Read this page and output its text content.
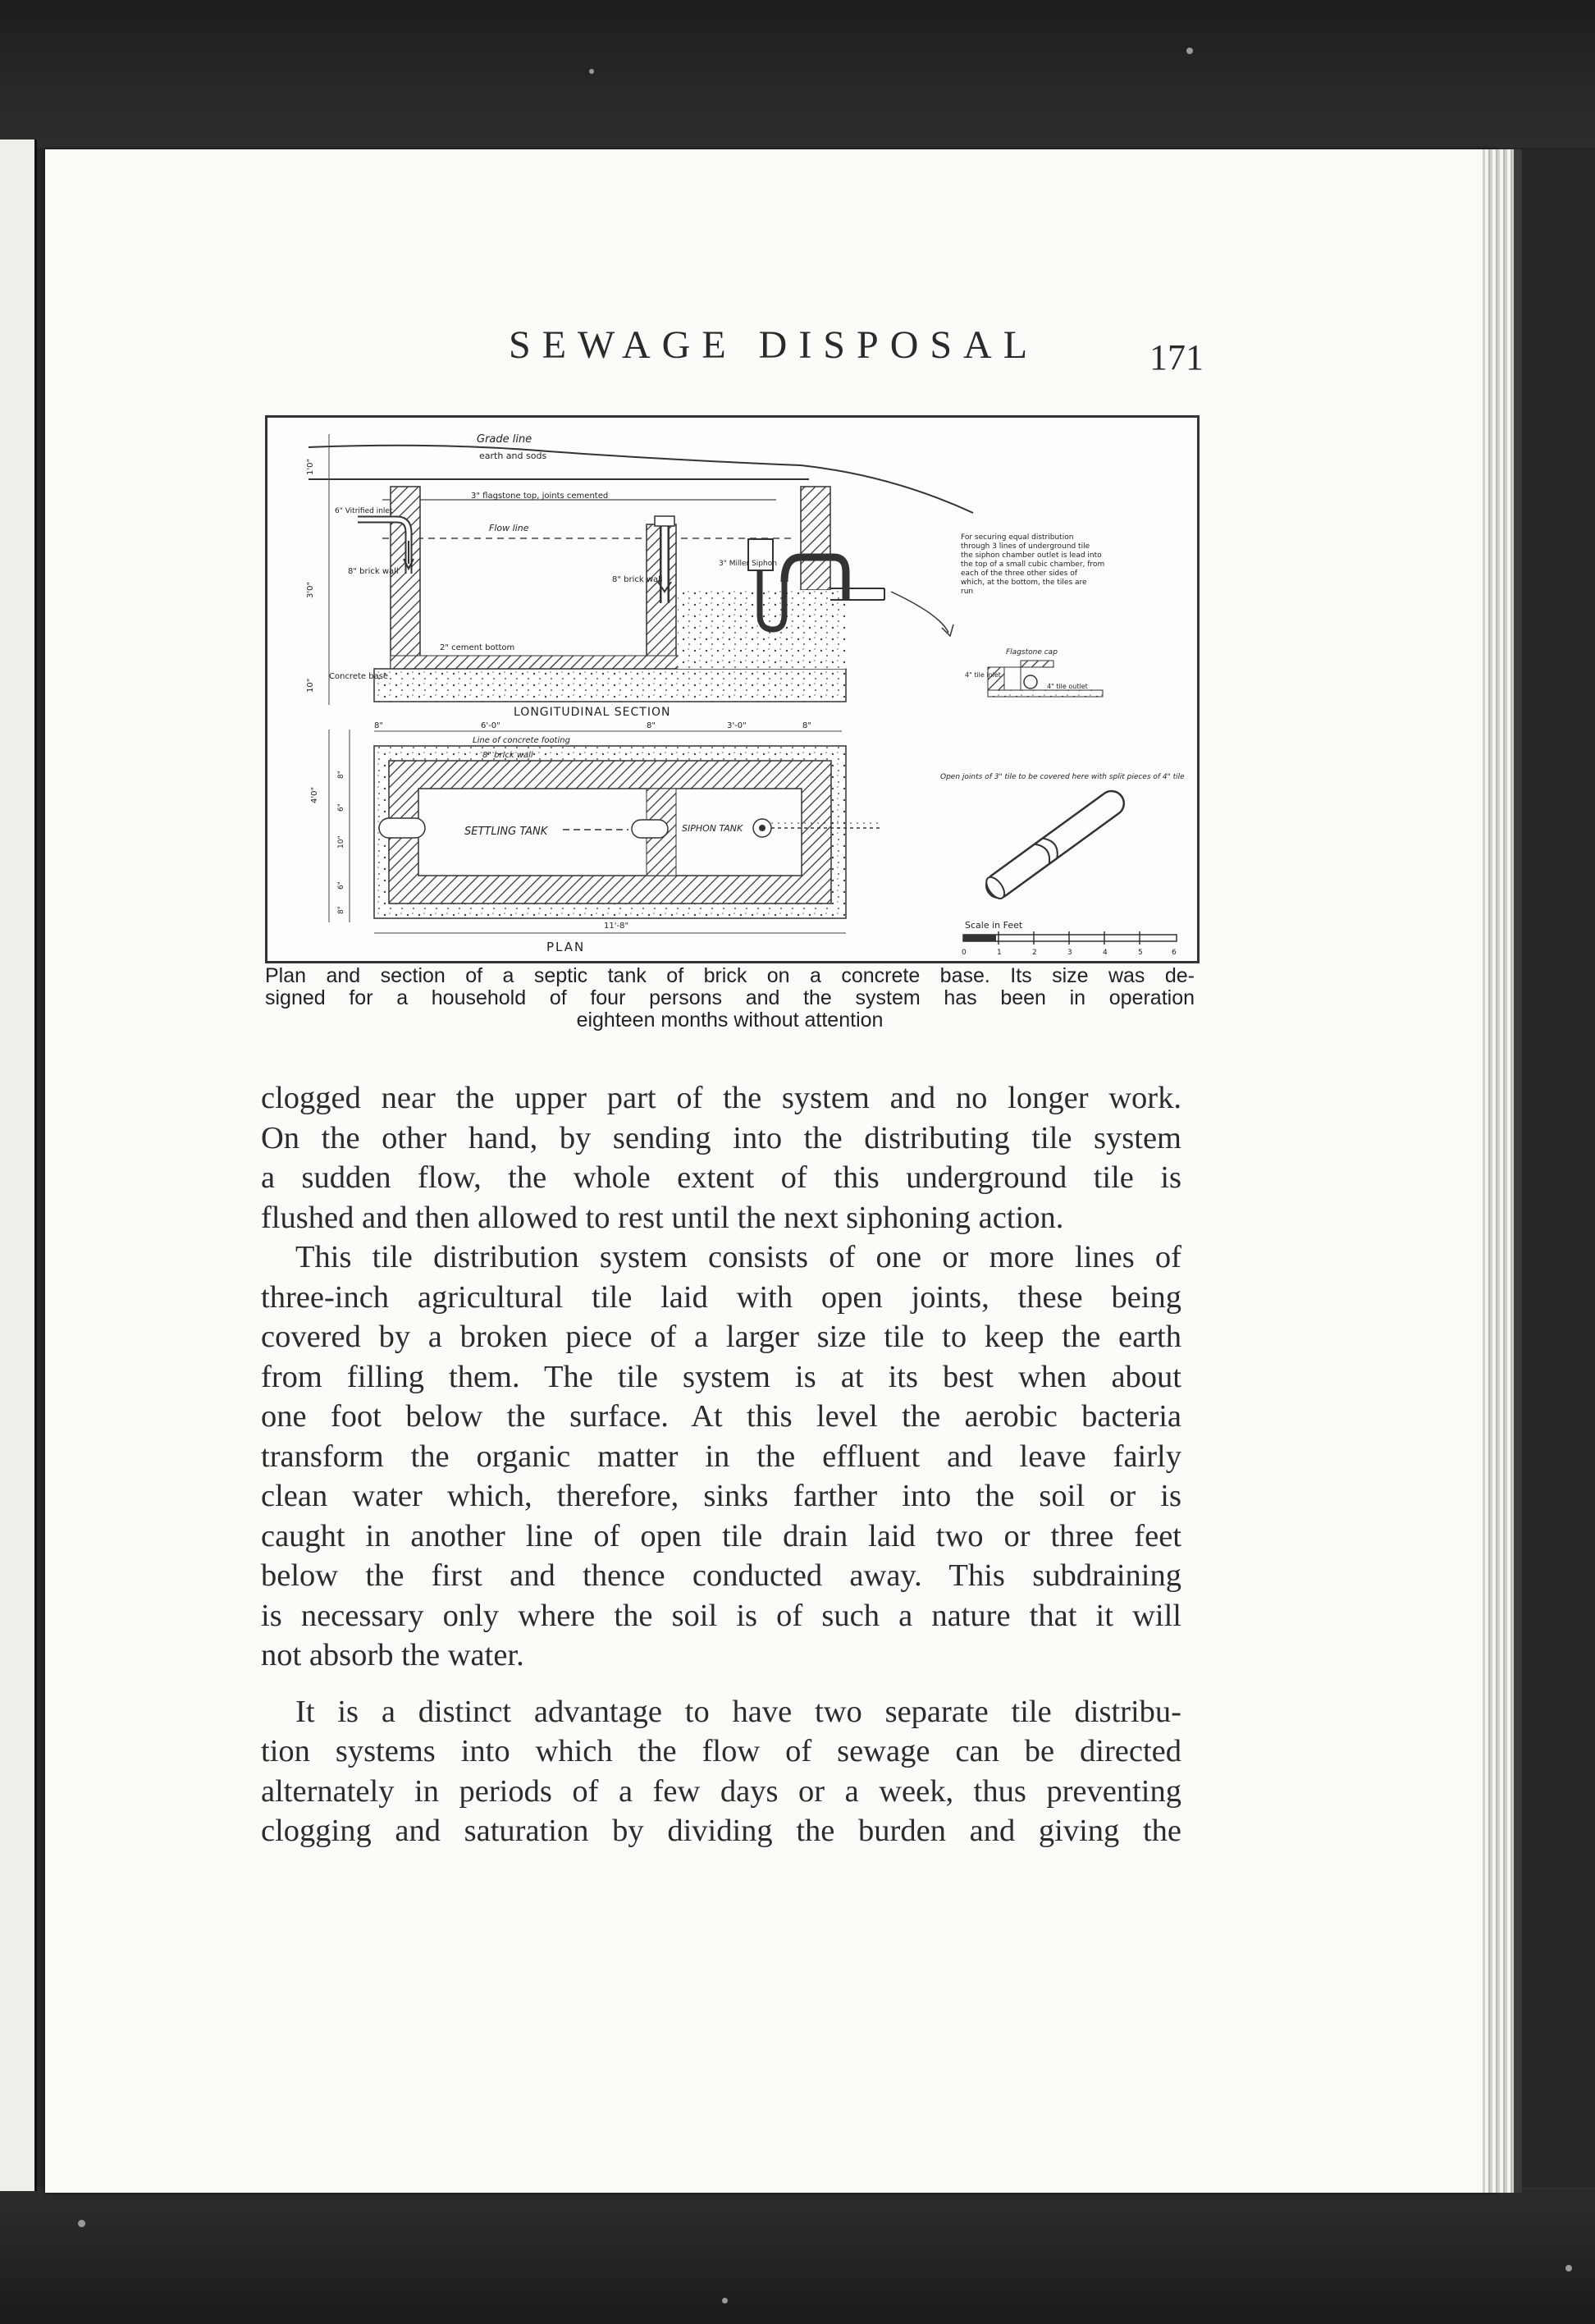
SEWAGE DISPOSAL	171
Grade line
earth and sods
3" flagstone top, joints cemented
Flow line
6" Vitrified inlet
3" Miller Siphon
8" brick wall
8" brick wall
2" cement bottom
Concrete base
1'0"
3'0"
10"
LONGITUDINAL SECTION
For securing equal distribution through 3 lines of underground tile the siphon chamber outlet is lead into the top of a small cubic chamber, from each of the three other sides of which, at the bottom, the tiles are run
Flagstone cap
4" tile inlet
4" tile outlet
8"	6'-0"	8"	3'-0"	8"
Line of concrete footing
8" brick wall
SETTLING TANK	SIPHON TANK
4'0"
8"
6"
10"
6"
8"
11'-8"
PLAN
Open joints of 3" tile to be covered here with split pieces of 4" tile
Scale in Feet
0	1	2	3	4	5	6
Plan and section of a septic tank of brick on a concrete base. Its size was de-
signed for a household of four persons and the system has been in operation
eighteen months without attention

clogged near the upper part of the system and no longer work.

On the other hand, by sending into the distributing tile system

a sudden flow, the whole extent of this underground tile is

flushed and then allowed to rest until the next siphoning action.

This tile distribution system consists of one or more lines of

three-inch agricultural tile laid with open joints, these being

covered by a broken piece of a larger size tile to keep the earth

from filling them. The tile system is at its best when about

one foot below the surface. At this level the aerobic bacteria

transform the organic matter in the effluent and leave fairly

clean water which, therefore, sinks farther into the soil or is

caught in another line of open tile drain laid two or three feet

below the first and thence conducted away. This subdraining

is necessary only where the soil is of such a nature that it will

not absorb the water.

It is a distinct advantage to have two separate tile distribu-

tion systems into which the flow of sewage can be directed

alternately in periods of a few days or a week, thus preventing

clogging and saturation by dividing the burden and giving the
